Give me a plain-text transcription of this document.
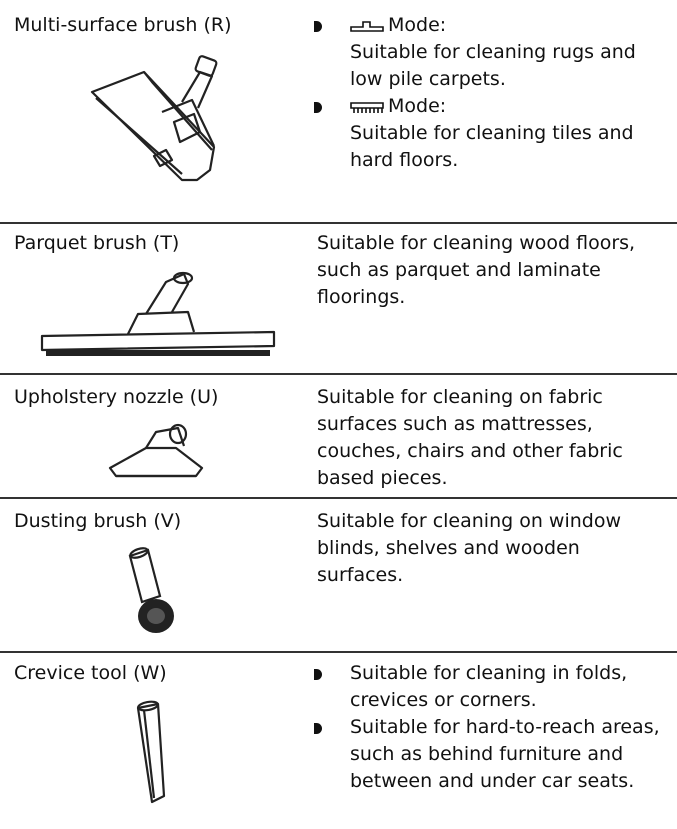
Multi-surface brush (R)	Mode:
Suitable for cleaning rugs and low pile carpets.
Mode:
Suitable for cleaning tiles and hard floors.
Parquet brush (T)	Suitable for cleaning wood floors, such as parquet and laminate floorings.
Upholstery nozzle (U)	Suitable for cleaning on fabric surfaces such as mattresses, couches, chairs and other fabric based pieces.
Dusting brush (V)	Suitable for cleaning on window blinds, shelves and wooden surfaces.
Crevice tool (W)	Suitable for cleaning in folds, crevices or corners.
Suitable for hard-to-reach areas, such as behind furniture and between and under car seats.
